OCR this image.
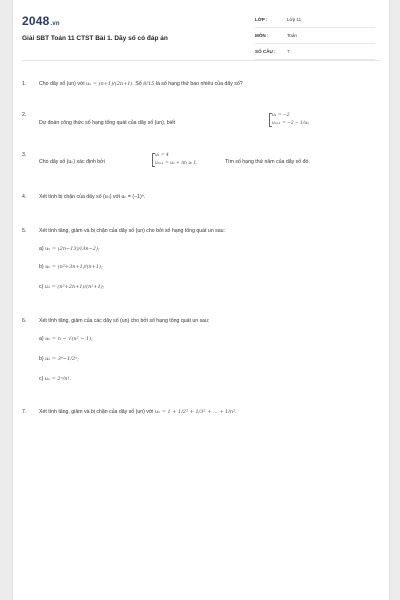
2048.vn
Giải SBT Toán 11 CTST Bài 1. Dãy số có đáp án
LỚP :	Lớp 11
MÔN :	Toán
SỐ CÂU : 7
1. Cho dãy số (un) với uₙ = (n+1)/(2n+1). Số 8/15 là số hạng thứ bao nhiêu của dãy số?
2.
Dự đoán công thức số hạng tổng quát của dãy số (un), biết
u₁ = −2
uₙ₊₁ = −2 − 1/uₙ
3.
Cho dãy số (uₙ) xác định bởi
u₁ = 4
uₙ₊₁ = uₙ + nn ≥ 1.	Tìm số hạng thứ năm của dãy số đó.
4. Xét tính bị chặn của dãy số (uₙ) với uₙ = (−1)ⁿ.
5. Xét tính tăng, giảm và bị chặn của dãy số (un) cho bởi số hạng tổng quát un sau:
a) uₙ = (2n−13)/(3n−2);
b) uₙ = (n²+3n+1)/(n+1);
c) uₙ = (n²+2n+1)/(n²+1);
6. Xét tính tăng, giảm của các dãy số (un) cho bởi số hạng tổng quát un sau:
a) uₙ = n − √(n² − 1);
b) uₙ = 3ⁿ−1/2ⁿ;
c) uₙ = 2ⁿ/n!.
7. Xét tính tăng, giảm và bị chặn của dãy số (un) với uₙ = 1 + 1/2² + 1/3² + ... + 1/n².
